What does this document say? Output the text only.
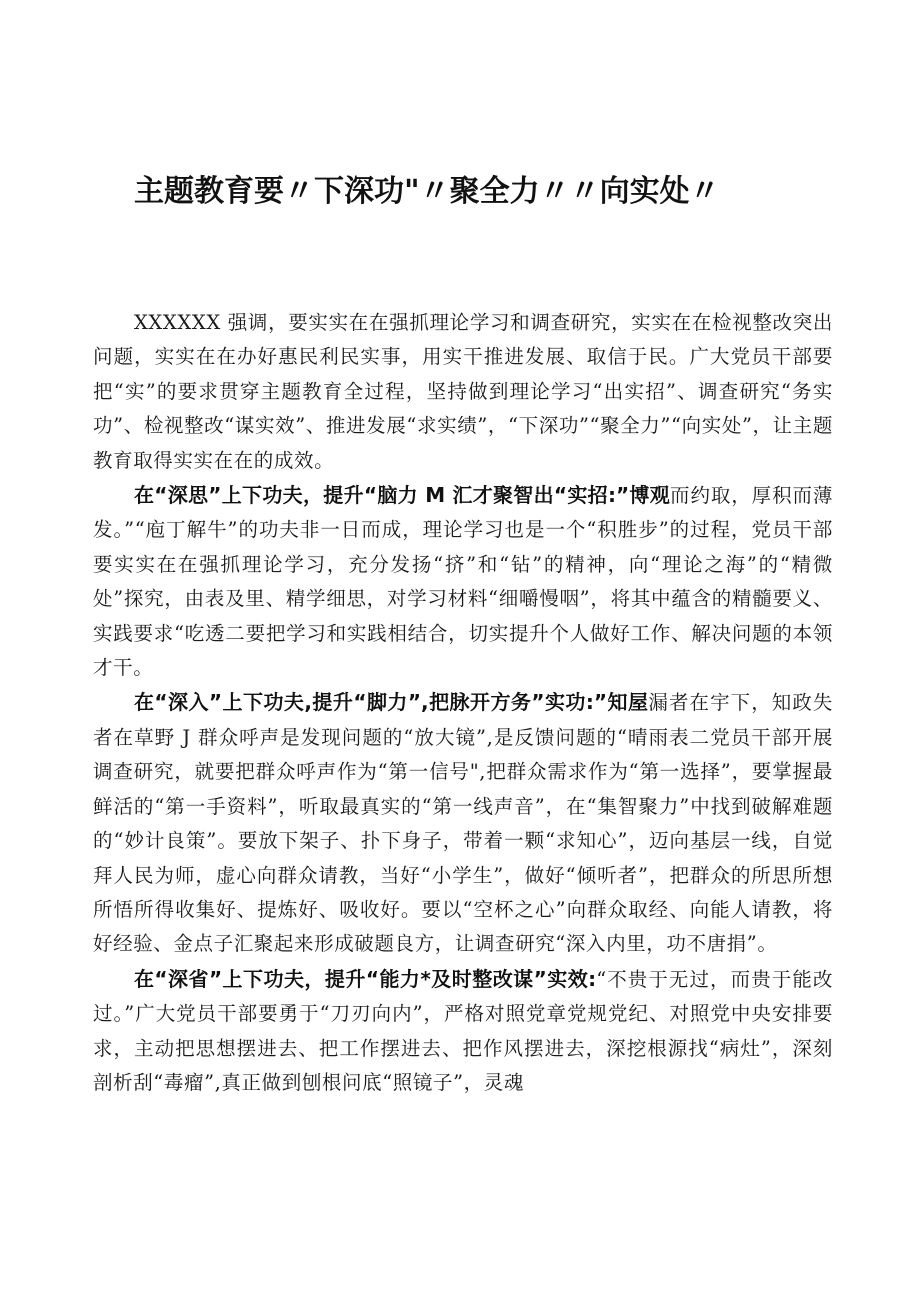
主题教育要〃下深功"〃聚全力〃〃向实处〃

XXXXXX 强调，要实实在在强抓理论学习和调查研究，实实在在检视整改突出问题，实实在在办好惠民利民实事，用实干推进发展、取信于民。广大党员干部要把“实”的要求贯穿主题教育全过程，坚持做到理论学习“出实招”、调查研究“务实功”、检视整改“谋实效”、推进发展“求实绩”，“下深功”“聚全力”“向实处”，让主题教育取得实实在在的成效。

在“深思”上下功夫，提升“脑力 M 汇才聚智出“实招:”博观而约取，厚积而薄发。”“庖丁解牛”的功夫非一日而成，理论学习也是一个“积胜步”的过程，党员干部要实实在在强抓理论学习，充分发扬“挤”和“钻”的精神，向“理论之海”的“精微处”探究，由表及里、精学细思，对学习材料“细嚼慢咽”，将其中蕴含的精髓要义、实践要求“吃透二要把学习和实践相结合，切实提升个人做好工作、解决问题的本领才干。

在“深入”上下功夫,提升“脚力”,把脉开方务”实功:”知屋漏者在宇下，知政失者在草野 J 群众呼声是发现问题的“放大镜”,是反馈问题的“晴雨表二党员干部开展调查研究，就要把群众呼声作为“第一信号",把群众需求作为“第一选择”，要掌握最鲜活的“第一手资料”，听取最真实的“第一线声音”，在“集智聚力”中找到破解难题的“妙计良策”。要放下架子、扑下身子，带着一颗“求知心”，迈向基层一线，自觉拜人民为师，虚心向群众请教，当好“小学生”，做好“倾听者”，把群众的所思所想所悟所得收集好、提炼好、吸收好。要以“空杯之心”向群众取经、向能人请教，将好经验、金点子汇聚起来形成破题良方，让调查研究“深入内里，功不唐捐”。

在“深省”上下功夫，提升“能力*及时整改谋”实效:“不贵于无过，而贵于能改过。”广大党员干部要勇于“刀刃向内”，严格对照党章党规党纪、对照党中央安排要求，主动把思想摆进去、把工作摆进去、把作风摆进去，深挖根源找“病灶”，深刻剖析刮“毒瘤”,真正做到刨根问底“照镜子”，灵魂
